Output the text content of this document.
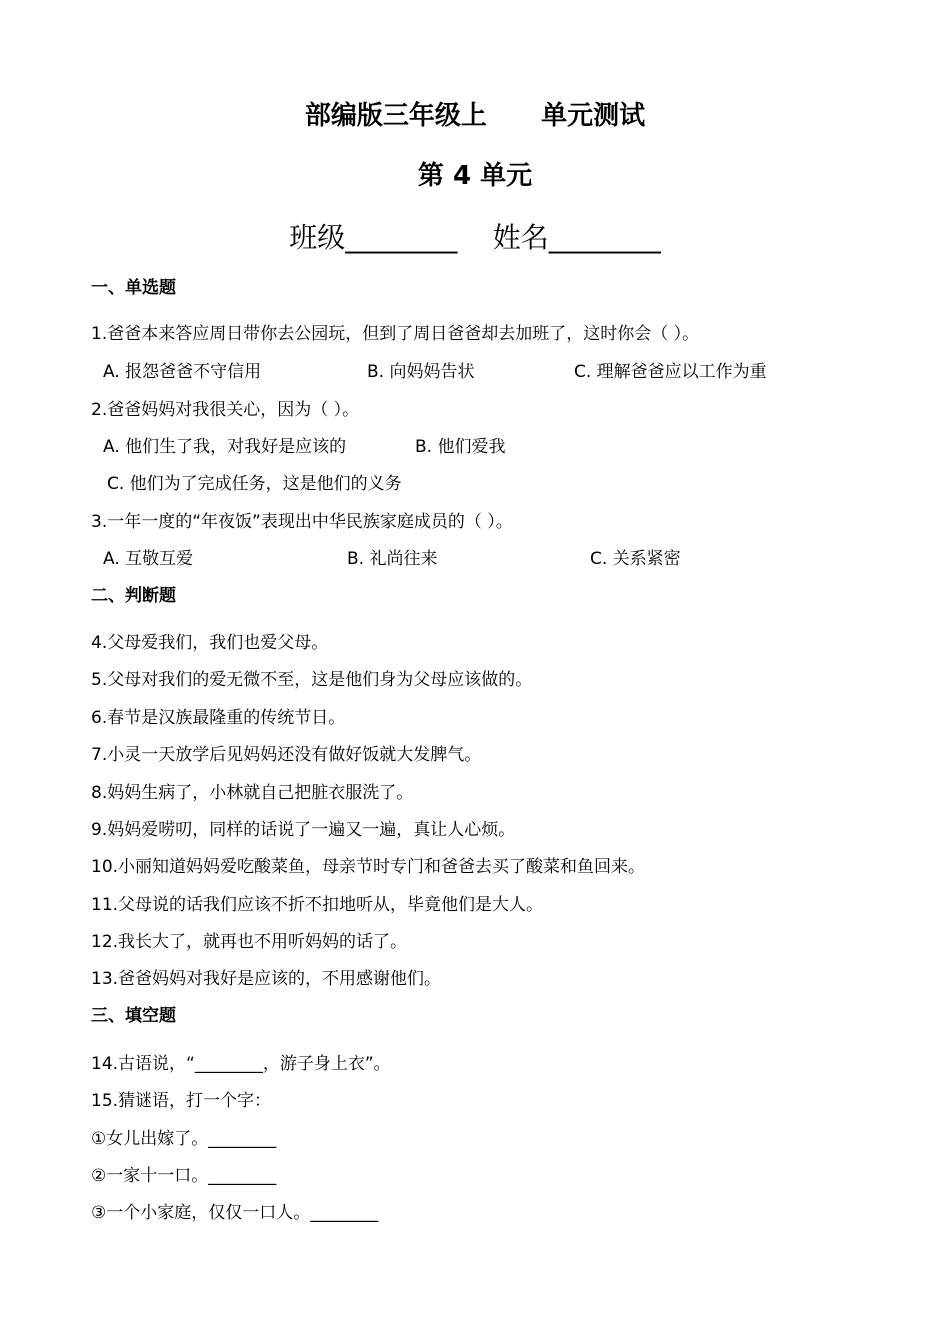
部编版三年级上      单元测试
第 4 单元
班级________    姓名________
一、单选题
1.爸爸本来答应周日带你去公园玩，但到了周日爸爸却去加班了，这时你会（ ）。
A. 报怨爸爸不守信用	B. 向妈妈告状	C. 理解爸爸应以工作为重
2.爸爸妈妈对我很关心，因为（ ）。
A. 他们生了我，对我好是应该的	B. 他们爱我
C. 他们为了完成任务，这是他们的义务
3.一年一度的“年夜饭”表现出中华民族家庭成员的（ ）。
A. 互敬互爱	B. 礼尚往来	C. 关系紧密
二、判断题
4.父母爱我们，我们也爱父母。
5.父母对我们的爱无微不至，这是他们身为父母应该做的。
6.春节是汉族最隆重的传统节日。
7.小灵一天放学后见妈妈还没有做好饭就大发脾气。
8.妈妈生病了，小林就自己把脏衣服洗了。
9.妈妈爱唠叨，同样的话说了一遍又一遍，真让人心烦。
10.小丽知道妈妈爱吃酸菜鱼，母亲节时专门和爸爸去买了酸菜和鱼回来。
11.父母说的话我们应该不折不扣地听从，毕竟他们是大人。
12.我长大了，就再也不用听妈妈的话了。
13.爸爸妈妈对我好是应该的，不用感谢他们。
三、填空题
14.古语说，“________，游子身上衣”。
15.猜谜语，打一个字：
①女儿出嫁了。________
②一家十一口。________
③一个小家庭，仅仅一口人。________
